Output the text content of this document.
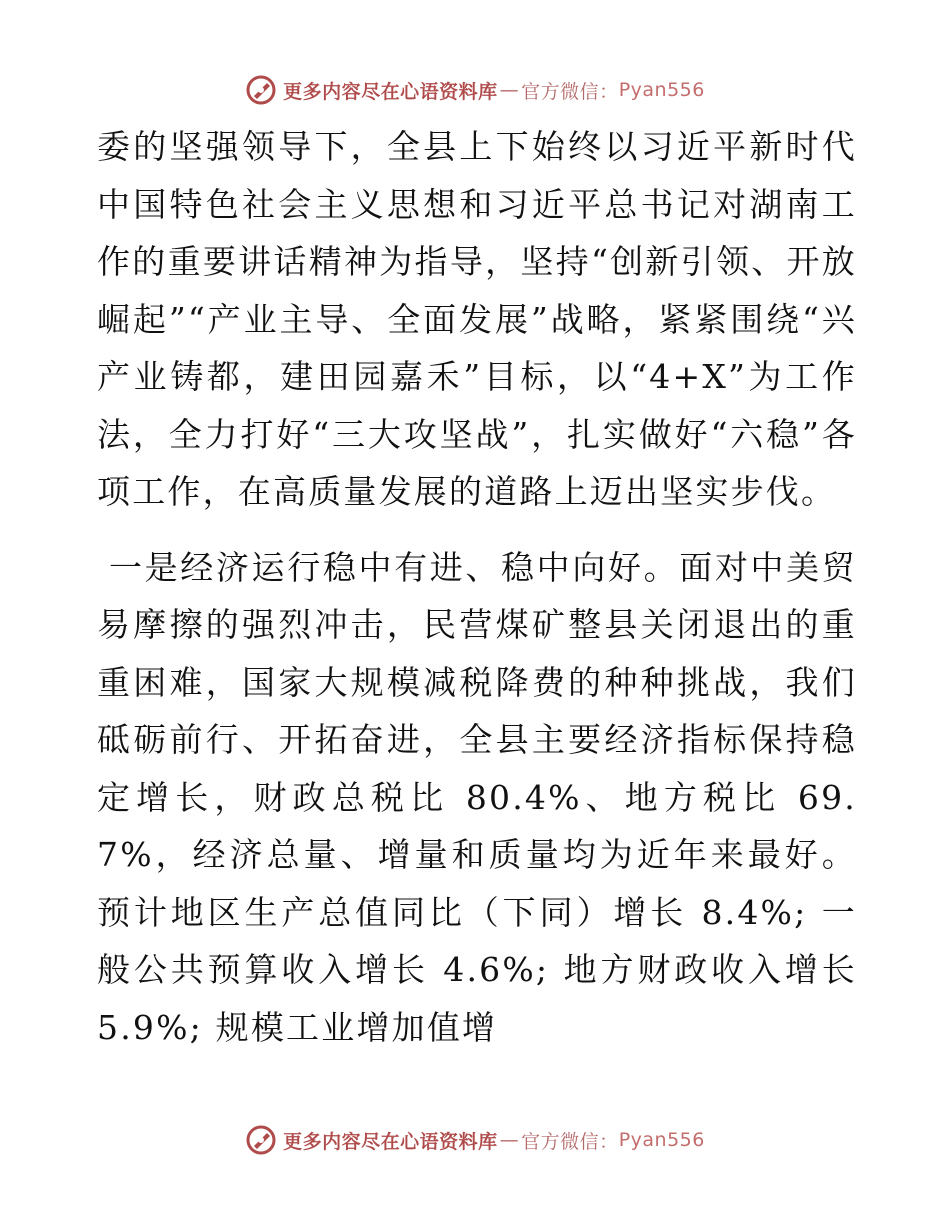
更多内容尽在心语资料库 — 官方微信： Pyan556

委的坚强领导下，全县上下始终以习近平新时代中国特色社会主义思想和习近平总书记对湖南工作的重要讲话精神为指导，坚持“创新引领、开放崛起”“产业主导、全面发展”战略，紧紧围绕“兴产业铸都，建田园嘉禾”目标，以“4+X”为工作法，全力打好“三大攻坚战”，扎实做好“六稳”各项工作，在高质量发展的道路上迈出坚实步伐。

一是经济运行稳中有进、稳中向好。面对中美贸易摩擦的强烈冲击，民营煤矿整县关闭退出的重重困难，国家大规模减税降费的种种挑战，我们砥砺前行、开拓奋进，全县主要经济指标保持稳定增长，财政总税比 80.4%、地方税比 69.7%，经济总量、增量和质量均为近年来最好。预计地区生产总值同比（下同）增长 8.4%; 一般公共预算收入增长 4.6%; 地方财政收入增长 5.9%; 规模工业增加值增

更多内容尽在心语资料库 — 官方微信： Pyan556
